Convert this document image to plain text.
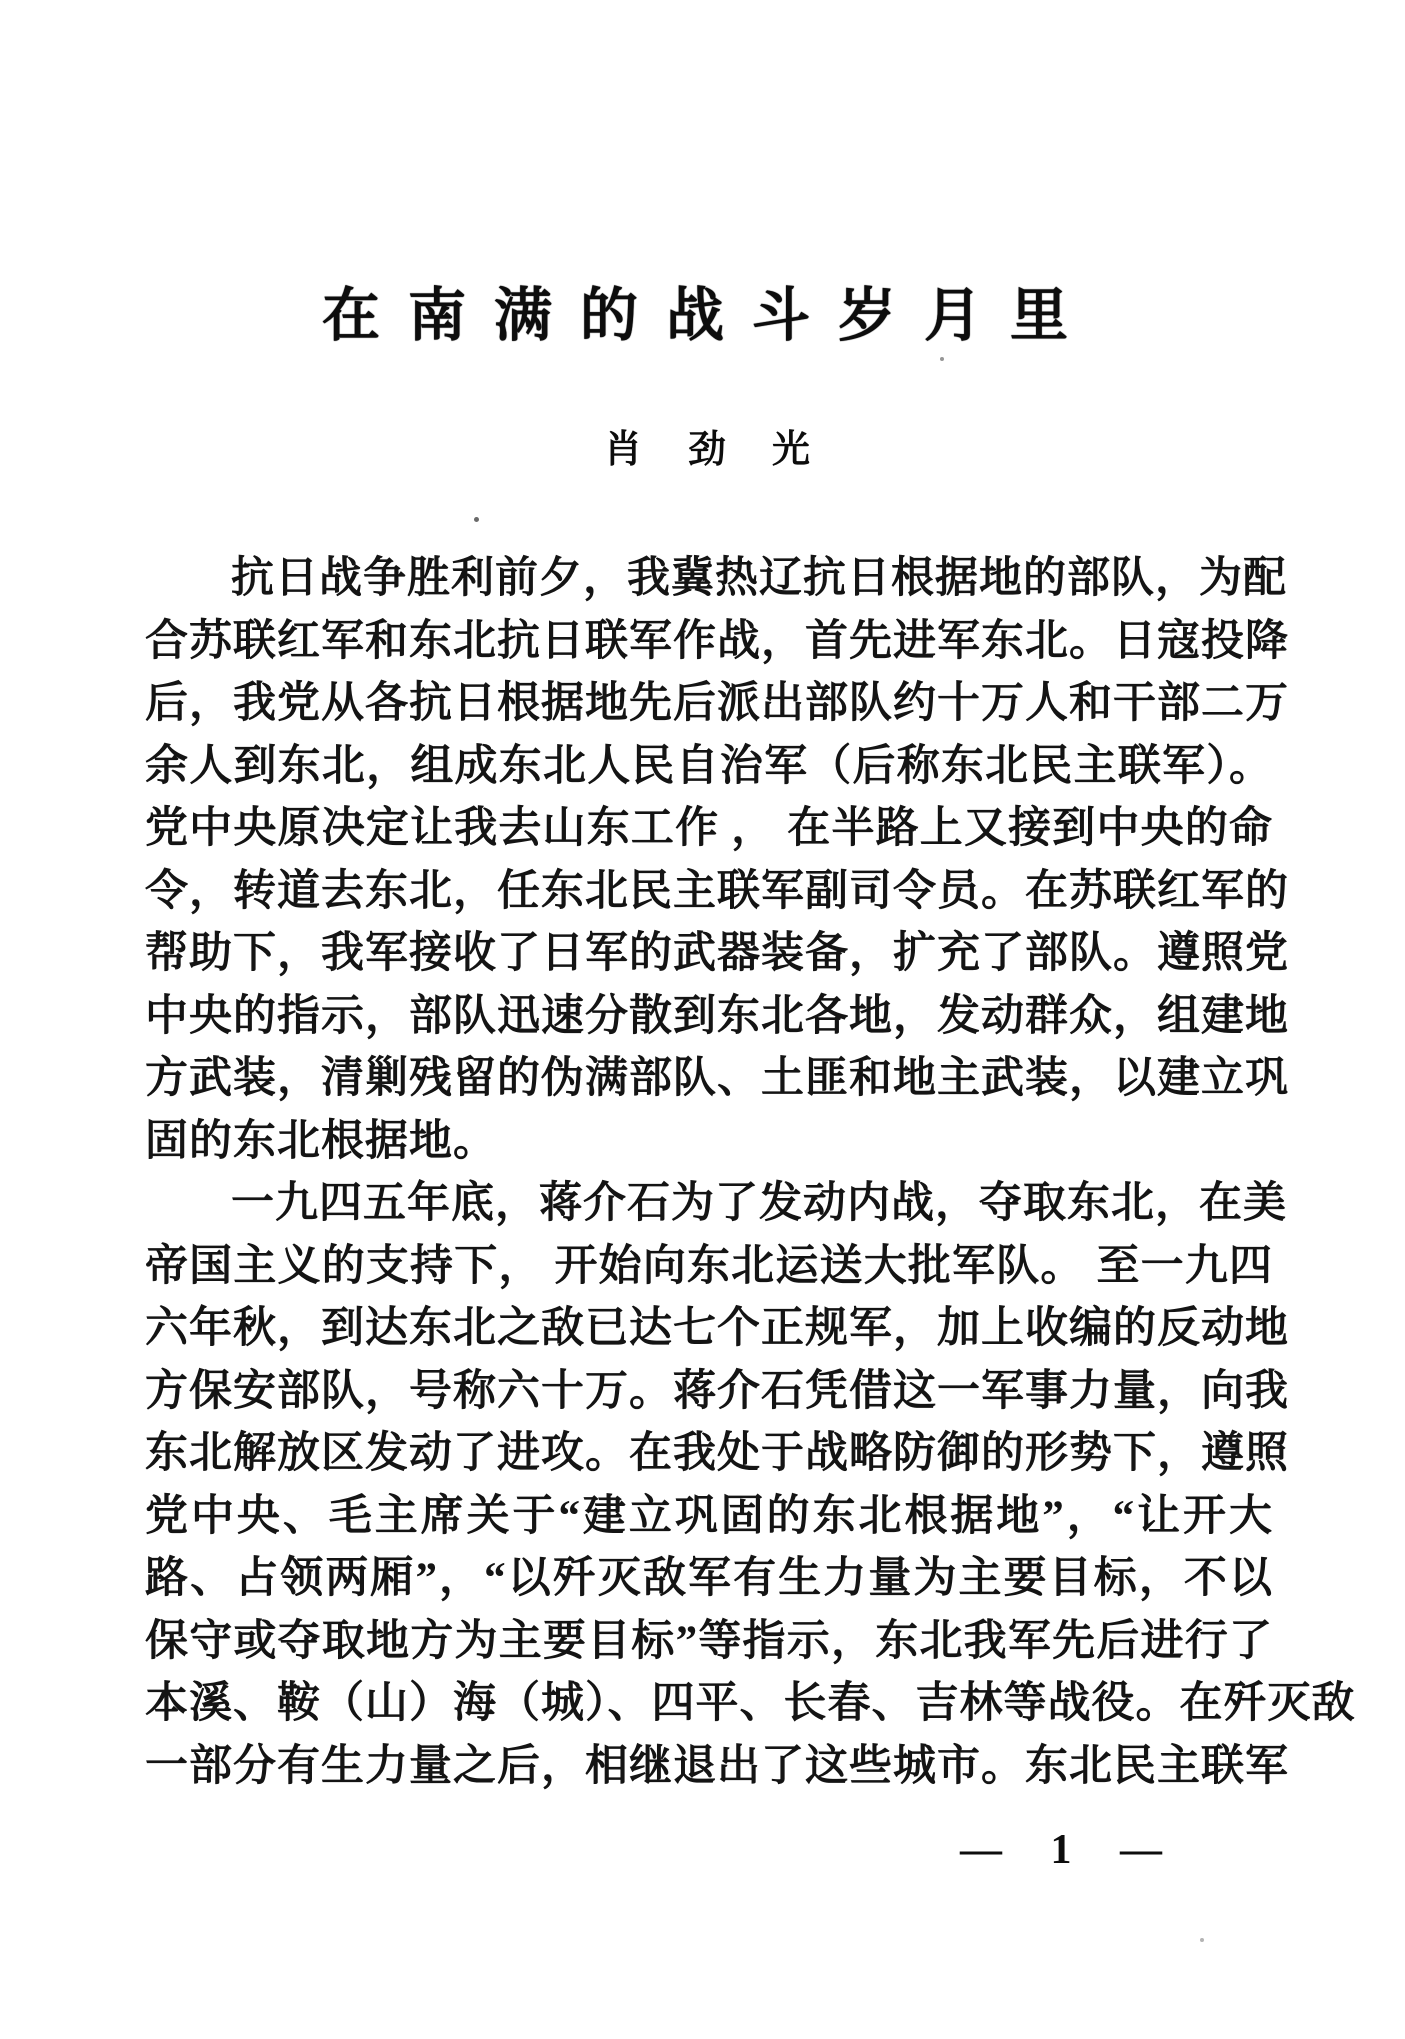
在南满的战斗岁月里
肖　劲　光
抗日战争胜利前夕，我冀热辽抗日根据地的部队，为配
合苏联红军和东北抗日联军作战，首先进军东北。日寇投降
后，我党从各抗日根据地先后派出部队约十万人和干部二万
余人到东北，组成东北人民自治军（后称东北民主联军）。
党中央原决定让我去山东工作 ， 在半路上又接到中央的命
令，转道去东北，任东北民主联军副司令员。在苏联红军的
帮助下，我军接收了日军的武器装备，扩充了部队。遵照党
中央的指示，部队迅速分散到东北各地，发动群众，组建地
方武装，清剿残留的伪满部队、土匪和地主武装，以建立巩
固的东北根据地。
一九四五年底，蒋介石为了发动内战，夺取东北，在美
帝国主义的支持下， 开始向东北运送大批军队。 至一九四
六年秋，到达东北之敌已达七个正规军，加上收编的反动地
方保安部队，号称六十万。蒋介石凭借这一军事力量，向我
东北解放区发动了进攻。在我处于战略防御的形势下，遵照
党中央、毛主席关于“建立巩固的东北根据地”，“让开大
路、占领两厢”，“以歼灭敌军有生力量为主要目标，不以
保守或夺取地方为主要目标”等指示，东北我军先后进行了
本溪、鞍（山）海（城）、四平、长春、吉林等战役。在歼灭敌
一部分有生力量之后，相继退出了这些城市。东北民主联军
— 1 —
